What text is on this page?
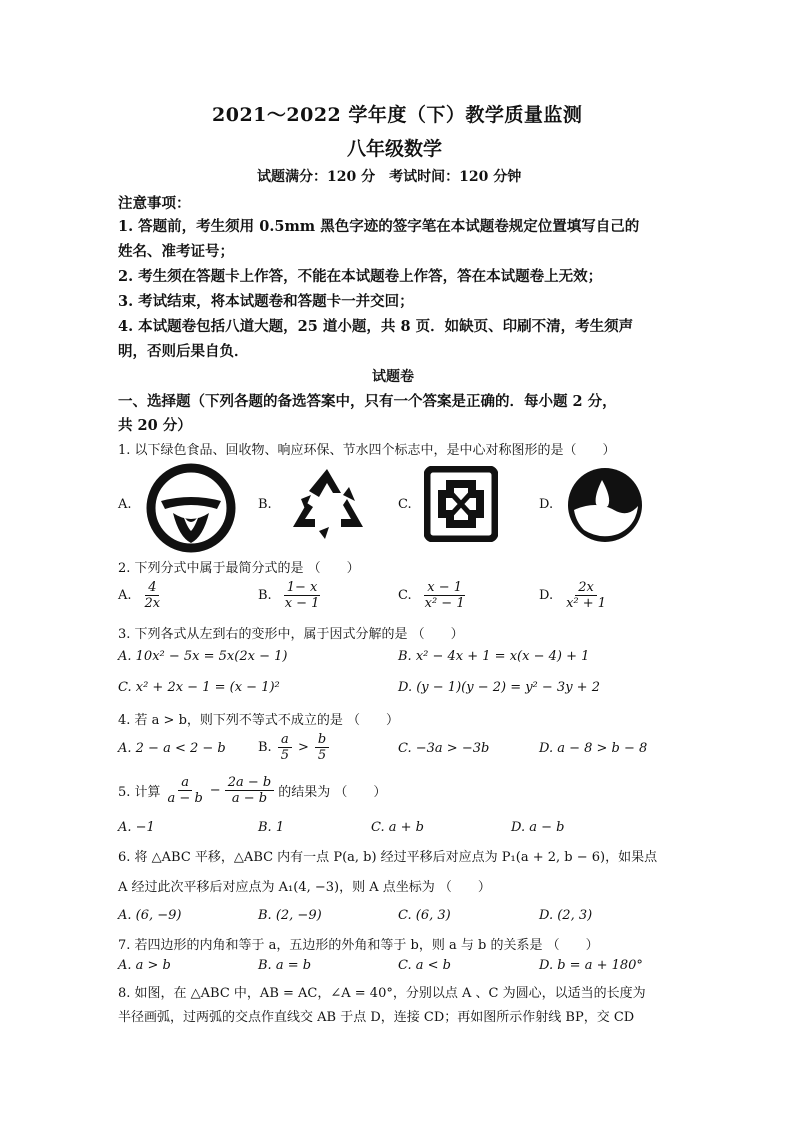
2021～2022 学年度（下）教学质量监测
八年级数学
试题满分：120 分　考试时间：120 分钟
注意事项：
1. 答题前，考生须用 0.5mm 黑色字迹的签字笔在本试题卷规定位置填写自己的
姓名、准考证号；
2. 考生须在答题卡上作答，不能在本试题卷上作答，答在本试题卷上无效；
3. 考试结束，将本试题卷和答题卡一并交回；
4. 本试题卷包括八道大题，25 道小题，共 8 页．如缺页、印刷不清，考生须声
明，否则后果自负．
试题卷
一、选择题（下列各题的备选答案中，只有一个答案是正确的．每小题 2 分，
共 20 分）
1. 以下绿色食品、回收物、响应环保、节水四个标志中，是中心对称图形的是（　　）
A.	B.	C.	D.
2. 下列分式中属于最简分式的是 （　　）
A. $\frac{4}{2x}$	B. $\frac{1- x}{x - 1}$	C. $\frac{x - 1}{\text{x² − 1}}$	D. $\frac{2x}{\text{x² + 1}}$
3. 下列各式从左到右的变形中，属于因式分解的是 （　　）
A. 10x² − 5x = 5x(2x − 1)	B. x² − 4x + 1 = x(x − 4) + 1
C. x² + 2x − 1 = (x − 1)²	D. (y − 1)(y − 2) = y² − 3y + 2
4. 若 a > b，则下列不等式不成立的是 （　　）
A. 2 − a < 2 − b B. $\frac{a}{5} > \frac{b}{5}$	C. −3a > −3b	D. a − 8 > b − 8
5. 计算 $\frac{a}{a - b} - \frac{2a - b}{a - b}$ 的结果为 （　　）
A. −1	B. 1	C. a + b	D. a − b
6. 将 △ABC 平移，△ABC 内有一点 P(a, b) 经过平移后对应点为 P₁(a + 2, b − 6)，如果点
A 经过此次平移后对应点为 A₁(4, −3)，则 A 点坐标为 （　　）
A. (6, −9)	B. (2, −9)	C. (6, 3)	D. (2, 3)
7. 若四边形的内角和等于 a，五边形的外角和等于 b，则 a 与 b 的关系是 （　　）
A. a > b	B. a = b	C. a < b	D. b = a + 180°
8. 如图，在 △ABC 中，AB = AC，∠A = 40°，分别以点 A 、C 为圆心，以适当的长度为
半径画弧，过两弧的交点作直线交 AB 于点 D，连接 CD；再如图所示作射线 BP，交 CD
